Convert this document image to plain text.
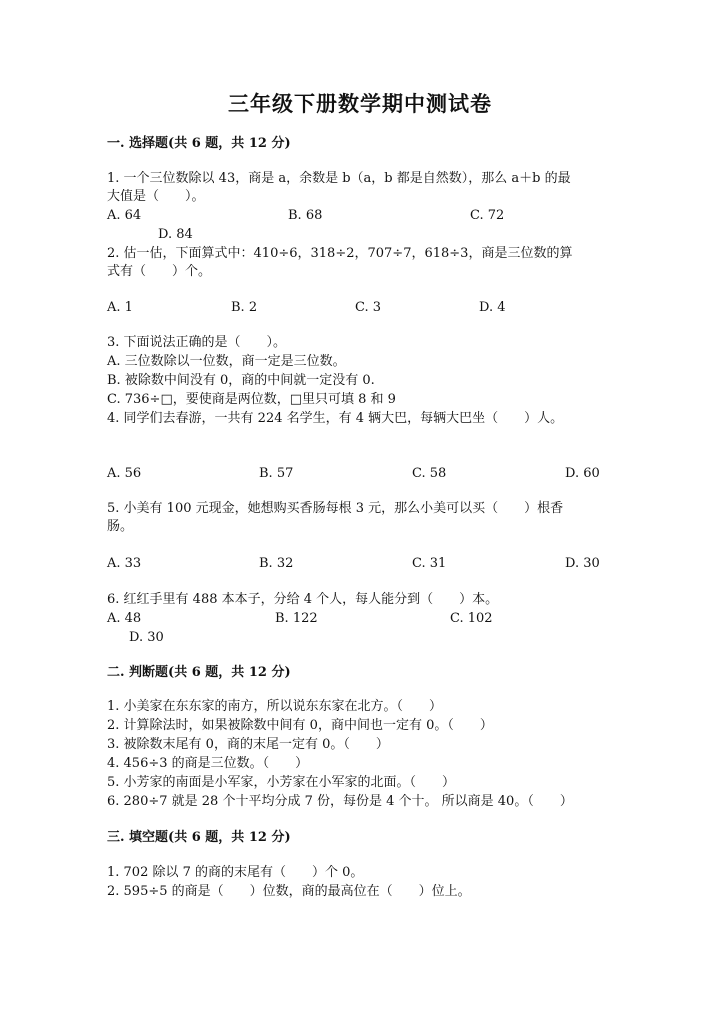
三年级下册数学期中测试卷
一. 选择题(共 6 题，共 12 分)
1. 一个三位数除以 43，商是 a，余数是 b（a，b 都是自然数），那么 a＋b 的最
大值是（　　）。
A. 64	B. 68	C. 72
D. 84
2. 估一估，下面算式中：410÷6，318÷2，707÷7，618÷3，商是三位数的算
式有（　　）个。
A. 1	B. 2	C. 3	D. 4
3. 下面说法正确的是（　　）。
A. 三位数除以一位数，商一定是三位数。
B. 被除数中间没有 0，商的中间就一定没有 0.
C. 736÷□，要使商是两位数，□里只可填 8 和 9
4. 同学们去春游，一共有 224 名学生，有 4 辆大巴，每辆大巴坐（　　）人。
A. 56	B. 57	C. 58	D. 60
5. 小美有 100 元现金，她想购买香肠每根 3 元，那么小美可以买（　　）根香
肠。
A. 33	B. 32	C. 31	D. 30
6. 红红手里有 488 本本子，分给 4 个人，每人能分到（　　）本。
A. 48	B. 122	C. 102
D. 30
二. 判断题(共 6 题，共 12 分)
1. 小美家在东东家的南方，所以说东东家在北方。（　　）
2. 计算除法时，如果被除数中间有 0，商中间也一定有 0。（　　）
3. 被除数末尾有 0，商的末尾一定有 0。（　　）
4. 456÷3 的商是三位数。（　　）
5. 小芳家的南面是小军家，小芳家在小军家的北面。（　　）
6. 280÷7 就是 28 个十平均分成 7 份，每份是 4 个十。 所以商是 40。（　　）
三. 填空题(共 6 题，共 12 分)
1. 702 除以 7 的商的末尾有（　　）个 0。
2. 595÷5 的商是（　　）位数，商的最高位在（　　）位上。
